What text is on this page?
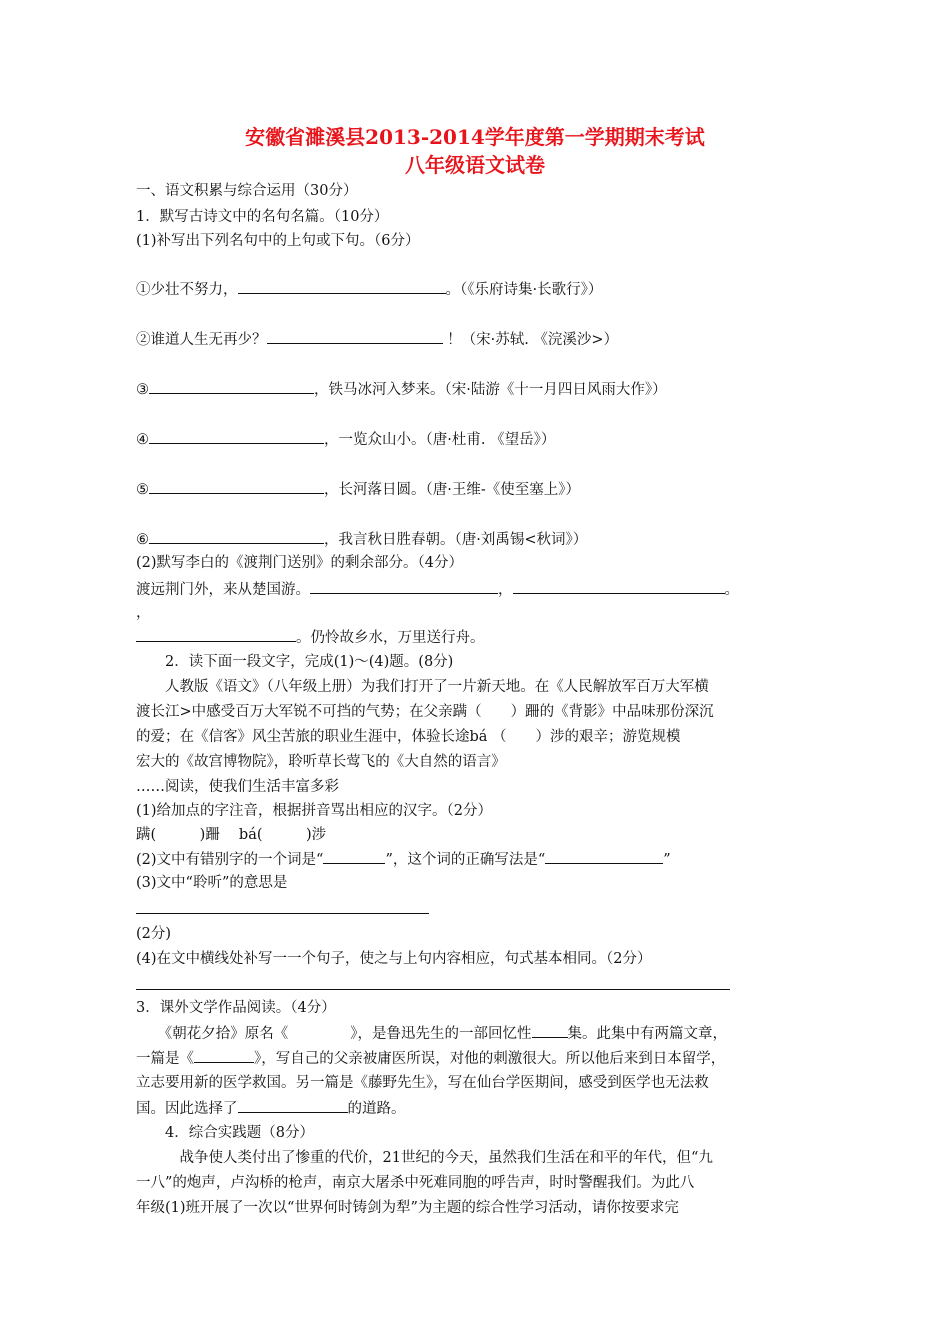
安徽省濉溪县2013-2014学年度第一学期期末考试
八年级语文试卷
一、语文积累与综合运用（30分）
1．默写古诗文中的名句名篇。（10分）
(1)补写出下列名句中的上句或下句。（6分）
①少壮不努力，	。（《乐府诗集·长歌行》）
②谁道人生无再少？	！（宋·苏轼. 《浣溪沙>）
③	，铁马冰河入梦来。（宋·陆游《十一月四日风雨大作》）
④	，一览众山小。（唐·杜甫. 《望岳》）
⑤	，长河落日圆。（唐·王维-《使至塞上》）
⑥	，我言秋日胜春朝。（唐·刘禹锡<秋词》）
(2)默写李白的《渡荆门送别》的剩余部分。（4分）
渡远荆门外，来从楚国游。	，	。
，
。仍怜故乡水，万里送行舟。
2．读下面一段文字，完成(1)～(4)题。(8分)
人教版《语文》（八年级上册）为我们打开了一片新天地。在《人民解放军百万大军横
渡长江>中感受百万大军锐不可挡的气势；在父亲蹒（　　）跚的《背影》中品味那份深沉
的爱；在《信客》风尘苦旅的职业生涯中，体验长途bá （　　）涉的艰辛；游览规模
宏大的《故宫博物院》，聆听草长莺飞的《大自然的语言》
……阅读，使我们生活丰富多彩
(1)给加点的字注音，根据拼音骂出相应的汉字。（2分）
蹒(　　　)跚　 bá(　　　)涉
(2)文中有错别字的一个词是“	”，这个词的正确写法是“	”
(3)文中“聆听”的意思是
(2分)
(4)在文中横线处补写一一个句子，使之与上句内容相应，句式基本相同。（2分）
3．课外文学作品阅读。（4分）
　　《朝花夕拾》原名《	》，是鲁迅先生的一部回忆性 集。此集中有两篇文章，
一篇是《	》，写自己的父亲被庸医所误，对他的刺激很大。所以他后来到日本留学，
立志要用新的医学救国。另一篇是《藤野先生》，写在仙台学医期间，感受到医学也无法救
国。因此选择了	的道路。
4．综合实践题（8分）
　战争使人类付出了惨重的代价，21世纪的今天，虽然我们生活在和平的年代，但“九
一八”的炮声，卢沟桥的枪声，南京大屠杀中死难同胞的呼告声，时时警醒我们。为此八
年级(1)班开展了一次以“世界何时铸剑为犁”为主题的综合性学习活动，请你按要求完
